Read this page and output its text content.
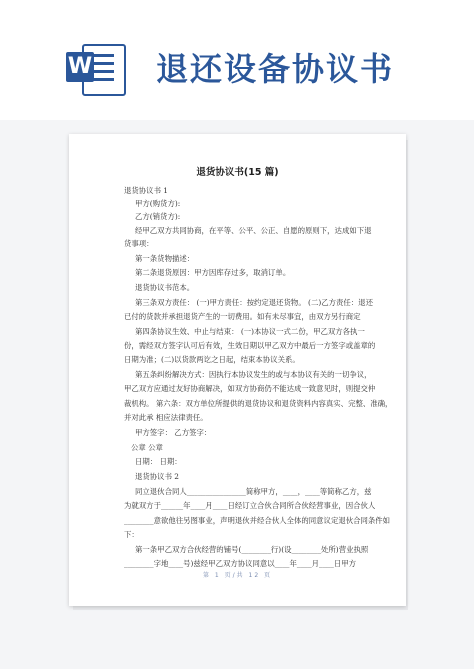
W 退还设备协议书
退货协议书(15 篇)
退货协议书 1
甲方(购货方):
乙方(销货方):
经甲乙双方共同协商，在平等、公平、公正、自愿的原则下，达成如下退
货事项：
第一条货物描述：
第二条退货原因：甲方因库存过多，取消订单。
退货协议书范本。
第三条双方责任： (一)甲方责任：按约定退还货物。 (二)乙方责任：退还
已付的货款并承担退货产生的一切费用。如有未尽事宜，由双方另行商定
第四条协议生效、中止与结束： (一)本协议一式二份，甲乙双方各执一
份，需经双方签字认可后有效，生效日期以甲乙双方中最后一方签字或盖章的
日期为准；(二)以货款两讫之日起，结束本协议关系。
第五条纠纷解决方式：因执行本协议发生的或与本协议有关的一切争议，
甲乙双方应通过友好协商解决，如双方协商仍不能达成一致意见时，则提交仲
裁机构。 第六条：双方单位所提供的退货协议和退货资料内容真实、完整、准确，
并对此承 相应法律责任。
甲方签字： 乙方签字：
公章 公章
日期： 日期：
退货协议书 2
同立退伙合同人________________简称甲方，____，____等简称乙方，兹
为就双方于______年____月____日经订立合伙合同所合伙经营事业，因合伙人
________意欲他往另图事业，声明退伙并经合伙人全体的同意议定退伙合同条件如
下：
第一条甲乙双方合伙经营的铺号(________行)(设________处所)营业执照
________字地____号)兹经甲乙双方协议同意以____年____月____日甲方
第 1 页/共 12 页
